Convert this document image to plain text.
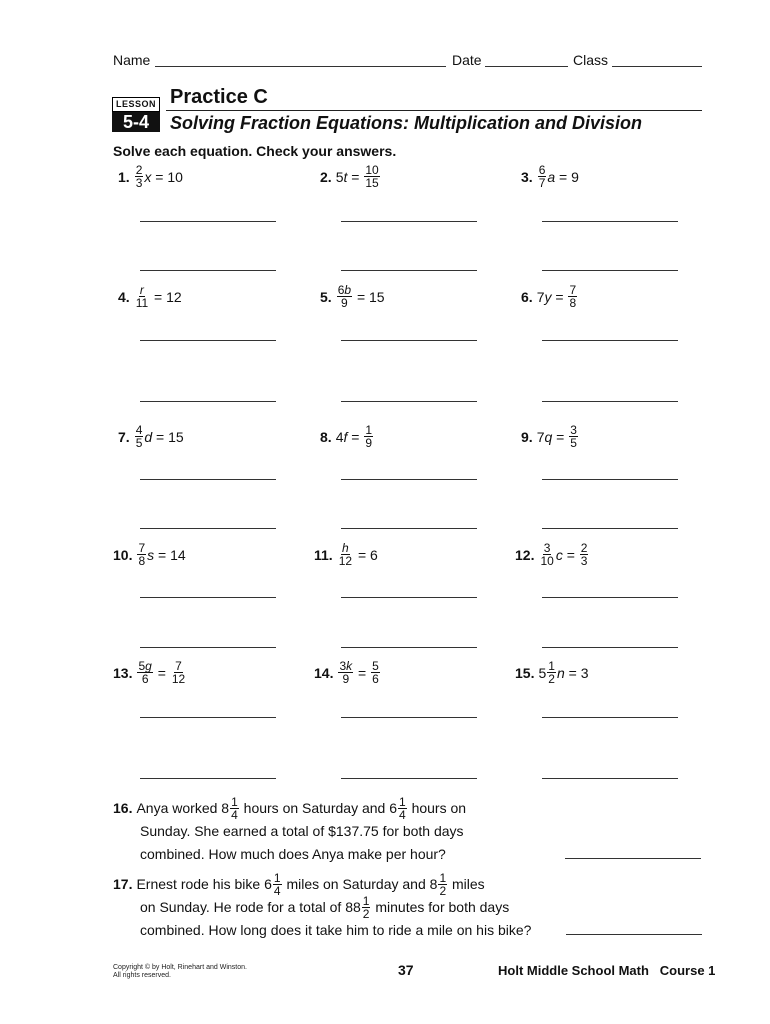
Name	Date	Class
LESSON
5-4
Practice C
Solving Fraction Equations: Multiplication and Division
Solve each equation. Check your answers.
1. $\frac{2}{3}$ x = 10	2. 5 $t = \frac{10}{15}$	3. $\frac{6}{7}$ a = 9
4. $\frac{r}{11} = 12$	5. $\frac{6b}{9} = 15$	6. 7 $y = \frac{7}{8}$
7. $\frac{4}{5}$ d = 15	8. 4 $f = \frac{1}{9}$	9. 7 $q = \frac{3}{5}$
10. $\frac{7}{8}$ s = 14	11. $\frac{h}{12} = 6$	12. $\frac{3}{10}$ $c = \frac{2}{3}$
13. $\frac{5g}{6} = \frac{7}{12}$	14. $\frac{3k}{9} = \frac{5}{6}$	15. $5 \frac{1}{2}$ n = 3
16. Anya worked $8 \frac{1}{4}$
hours on Saturday and $6 \frac{1}{4}$
hours on
Sunday. She earned a total of $137.75 for both days
combined. How much does Anya make per hour?
17. Ernest rode his bike $6 \frac{1}{4}$
miles on Saturday and $8 \frac{1}{2}$
miles
on Sunday. He rode for a total of $88 \frac{1}{2}$
minutes for both days
combined. How long does it take him to ride a mile on his bike?
Copyright © by Holt, Rinehart and Winston.
All rights reserved.	37	Holt Middle School Math   Course 1
